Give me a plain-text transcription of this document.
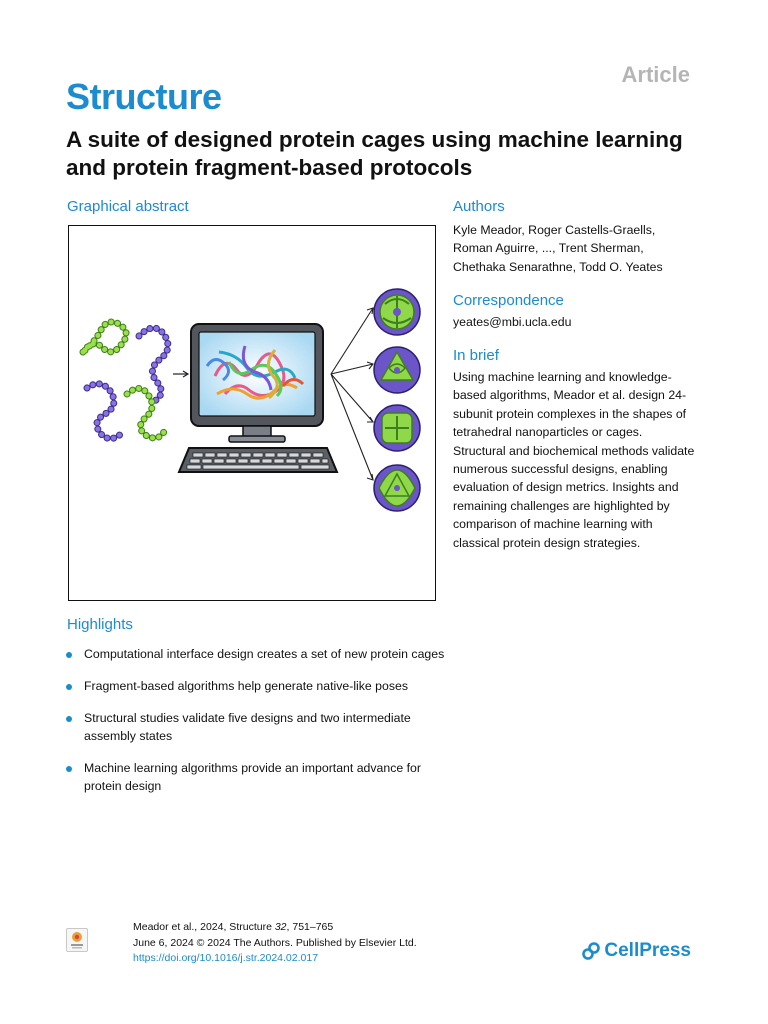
Article
Structure
A suite of designed protein cages using machine learning and protein fragment-based protocols
Graphical abstract	Authors
Kyle Meador, Roger Castells-Graells, Roman Aguirre, ..., Trent Sherman, Chethaka Senarathne, Todd O. Yeates
Correspondence
yeates@mbi.ucla.edu
In brief
Using machine learning and knowledge-based algorithms, Meador et al. design 24-subunit protein complexes in the shapes of tetrahedral nanoparticles or cages. Structural and biochemical methods validate numerous successful designs, enabling evaluation of design metrics. Insights and remaining challenges are highlighted by comparison of machine learning with classical protein design strategies.
Highlights
Computational interface design creates a set of new protein cages
Fragment-based algorithms help generate native-like poses
Structural studies validate five designs and two intermediate assembly states
Machine learning algorithms provide an important advance for protein design
Meador et al., 2024, Structure 32, 751–765
June 6, 2024 © 2024 The Authors. Published by Elsevier Ltd.
https://doi.org/10.1016/j.str.2024.02.017	CellPress
